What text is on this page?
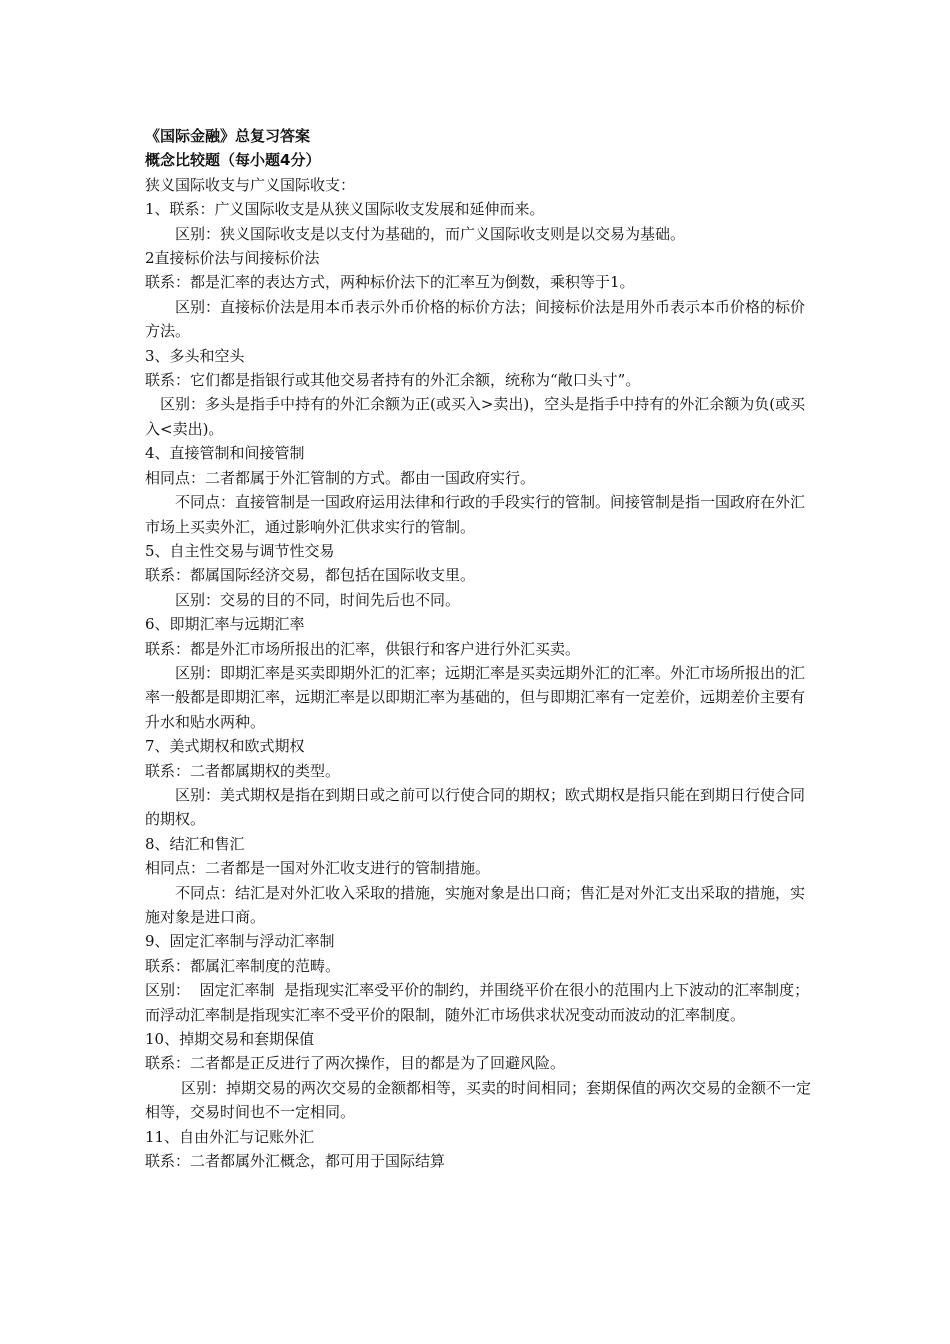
《国际金融》总复习答案

概念比较题（每小题4分）

狭义国际收支与广义国际收支：

1、联系：广义国际收支是从狭义国际收支发展和延伸而来。

区别：狭义国际收支是以支付为基础的，而广义国际收支则是以交易为基础。

2直接标价法与间接标价法

联系：都是汇率的表达方式，两种标价法下的汇率互为倒数，乘积等于1。

区别：直接标价法是用本币表示外币价格的标价方法；间接标价法是用外币表示本币价格的标价方法。

3、多头和空头

联系：它们都是指银行或其他交易者持有的外汇余额，统称为“敞口头寸”。

区别：多头是指手中持有的外汇余额为正(或买入>卖出)，空头是指手中持有的外汇余额为负(或买入<卖出)。

4、直接管制和间接管制

相同点：二者都属于外汇管制的方式。都由一国政府实行。

不同点：直接管制是一国政府运用法律和行政的手段实行的管制。间接管制是指一国政府在外汇市场上买卖外汇，通过影响外汇供求实行的管制。

5、自主性交易与调节性交易

联系：都属国际经济交易，都包括在国际收支里。

区别：交易的目的不同，时间先后也不同。

6、即期汇率与远期汇率

联系：都是外汇市场所报出的汇率，供银行和客户进行外汇买卖。

区别：即期汇率是买卖即期外汇的汇率；远期汇率是买卖远期外汇的汇率。外汇市场所报出的汇率一般都是即期汇率，远期汇率是以即期汇率为基础的，但与即期汇率有一定差价，远期差价主要有升水和贴水两种。

7、美式期权和欧式期权

联系：二者都属期权的类型。

区别：美式期权是指在到期日或之前可以行使合同的期权；欧式期权是指只能在到期日行使合同的期权。

8、结汇和售汇

相同点：二者都是一国对外汇收支进行的管制措施。

不同点：结汇是对外汇收入采取的措施，实施对象是出口商；售汇是对外汇支出采取的措施，实施对象是进口商。

9、固定汇率制与浮动汇率制

联系：都属汇率制度的范畴。

区别：  固定汇率制  是指现实汇率受平价的制约，并围绕平价在很小的范围内上下波动的汇率制度；而浮动汇率制是指现实汇率不受平价的限制，随外汇市场供求状况变动而波动的汇率制度。

10、掉期交易和套期保值

联系：二者都是正反进行了两次操作，目的都是为了回避风险。

区别：掉期交易的两次交易的金额都相等，买卖的时间相同；套期保值的两次交易的金额不一定相等，交易时间也不一定相同。

11、自由外汇与记账外汇

联系：二者都属外汇概念，都可用于国际结算
